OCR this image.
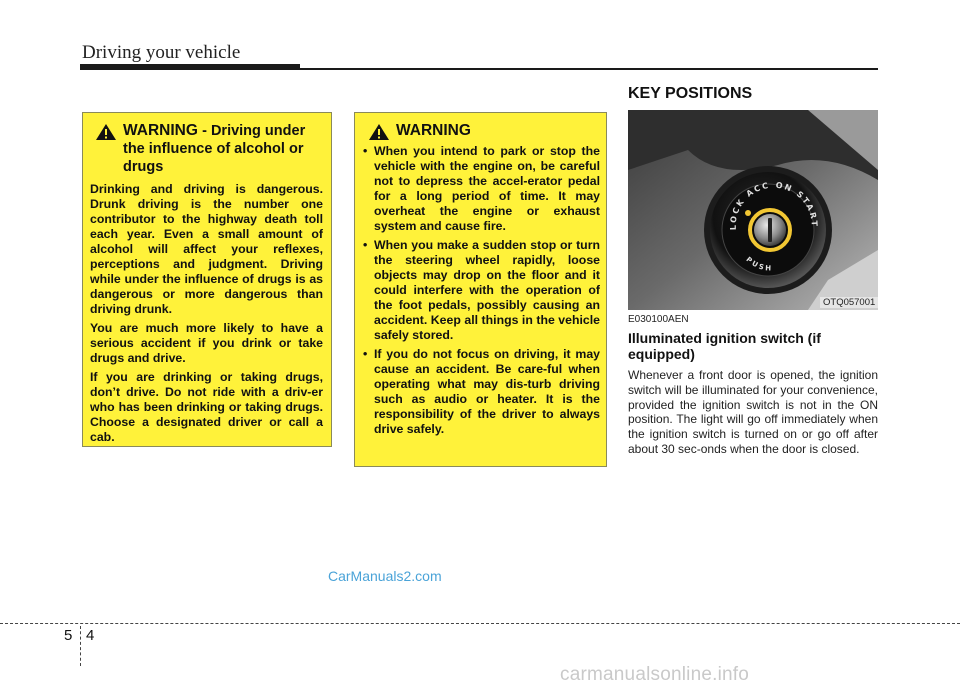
Driving your vehicle
WARNING - Driving under the influence of alcohol or drugs

Drinking and driving is dangerous. Drunk driving is the number one contributor to the highway death toll each year. Even a small amount of alcohol will affect your reflexes, perceptions and judgment. Driving while under the influence of drugs is as dangerous or more dangerous than driving drunk.

You are much more likely to have a serious accident if you drink or take drugs and drive.

If you are drinking or taking drugs, don’t drive. Do not ride with a driv-er who has been drinking or taking drugs. Choose a designated driver or call a cab.

WARNING
• When you intend to park or stop the vehicle with the engine on, be careful not to depress the accel-erator pedal for a long period of time. It may overheat the engine or exhaust system and cause fire.
• When you make a sudden stop or turn the steering wheel rapidly, loose objects may drop on the floor and it could interfere with the operation of the foot pedals, possibly causing an accident. Keep all things in the vehicle safely stored.
• If you do not focus on driving, it may cause an accident. Be care-ful when operating what may dis-turb driving such as audio or heater. It is the responsibility of the driver to always drive safely.
KEY POSITIONS
LOCK ACC ON START
PUSH
OTQ057001
E030100AEN
Illuminated ignition switch (if equipped)
Whenever a front door is opened, the ignition switch will be illuminated for your convenience, provided the ignition switch is not in the ON position. The light will go off immediately when the ignition switch is turned on or go off after about 30 sec-onds when the door is closed.
CarManuals2.com
5 4
carmanualsonline.info
